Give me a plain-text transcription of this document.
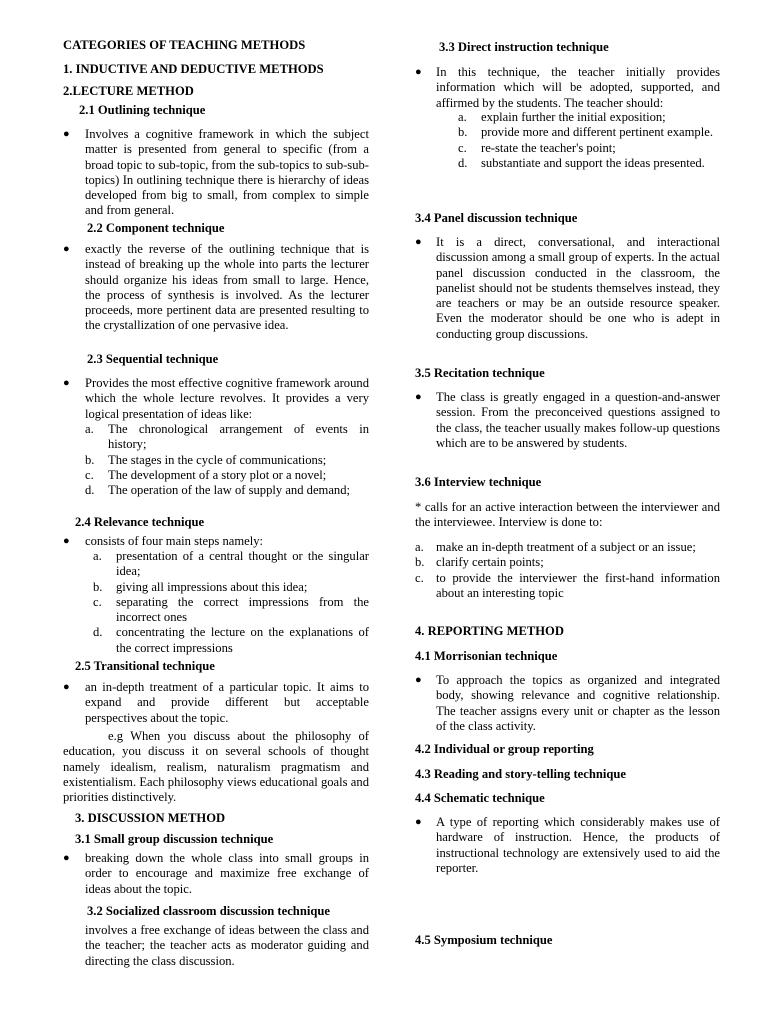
CATEGORIES OF TEACHING METHODS
1. INDUCTIVE AND DEDUCTIVE METHODS
2.LECTURE METHOD
2.1 Outlining technique
● Involves a cognitive framework in which the subject matter is presented from general to specific (from a broad topic to sub-topic, from the sub-topics to sub-sub-topics) In outlining technique there is hierarchy of ideas developed from big to small, from complex to simple and from general.
2.2 Component technique
● exactly the reverse of the outlining technique that is instead of breaking up the whole into parts the lecturer should organize his ideas from small to large. Hence, the process of synthesis is involved. As the lecturer proceeds, more pertinent data are presented resulting to the crystallization of one pervasive idea.
2.3 Sequential technique
● Provides the most effective cognitive framework around which the whole lecture revolves. It provides a very logical presentation of ideas like:
a. The chronological arrangement of events in history;
b. The stages in the cycle of communications;
c. The development of a story plot or a novel;
d. The operation of the law of supply and demand;
2.4 Relevance technique
● consists of four main steps namely:
a. presentation of a central thought or the singular idea;
b. giving all impressions about this idea;
c. separating the correct impressions from the incorrect ones
d. concentrating the lecture on the explanations of the correct impressions
2.5 Transitional technique
● an in-depth treatment of a particular topic. It aims to expand and provide different but acceptable perspectives about the topic.
e.g When you discuss about the philosophy of education, you discuss it on several schools of thought namely idealism, realism, naturalism pragmatism and existentialism. Each philosophy views educational goals and priorities distinctively.
3. DISCUSSION METHOD
3.1 Small group discussion technique
● breaking down the whole class into small groups in order to encourage and maximize free exchange of ideas about the topic.
3.2 Socialized classroom discussion technique
involves a free exchange of ideas between the class and the teacher; the teacher acts as moderator guiding and directing the class discussion.
3.3 Direct instruction technique
● In this technique, the teacher initially provides information which will be adopted, supported, and affirmed by the students. The teacher should:
a. explain further the initial exposition;
b. provide more and different pertinent example.
c. re-state the teacher's point;
d. substantiate and support the ideas presented.
3.4 Panel discussion technique
● It is a direct, conversational, and interactional discussion among a small group of experts. In the actual panel discussion conducted in the classroom, the panelist should not be students themselves instead, they are teachers or may be an outside resource speaker. Even the moderator should be one who is adept in conducting group discussions.
3.5 Recitation technique
● The class is greatly engaged in a question-and-answer session. From the preconceived questions assigned to the class, the teacher usually makes follow-up questions which are to be answered by students.
3.6 Interview technique
* calls for an active interaction between the interviewer and the interviewee. Interview is done to:
a. make an in-depth treatment of a subject or an issue;
b. clarify certain points;
c. to provide the interviewer the first-hand information about an interesting topic
4. REPORTING METHOD
4.1 Morrisonian technique
● To approach the topics as organized and integrated body, showing relevance and cognitive relationship. The teacher assigns every unit or chapter as the lesson of the class activity.
4.2 Individual or group reporting
4.3 Reading and story-telling technique
4.4 Schematic technique
● A type of reporting which considerably makes use of hardware of instruction. Hence, the products of instructional technology are extensively used to aid the reporter.
4.5 Symposium technique
